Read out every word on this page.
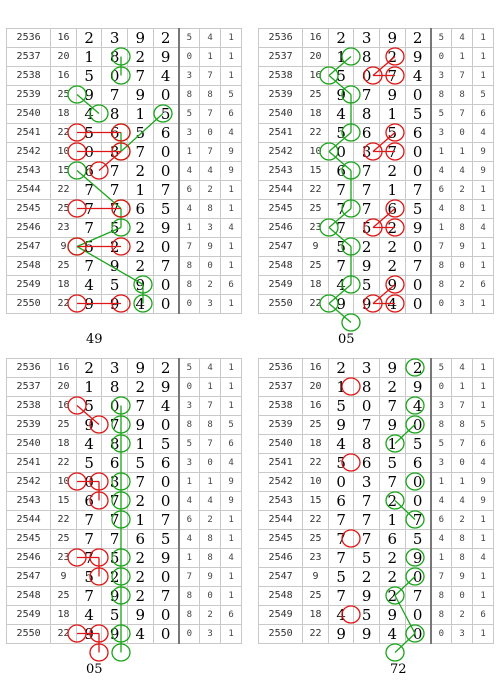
2536	16	2	3	9	2	5	4	1
2537	20	1	8	2	9	0	1	1
2538	16	5	0	7	4	3	7	1
2539	25	9	7	9	0	8	8	5
2540	18	4	8	1	5	5	7	6
2541	22	5	6	5	6	3	0	4
2542	10	0	3	7	0	1	7	9
2543	15	6	7	2	0	4	4	9
2544	22	7	7	1	7	6	2	1
2545	25	7	7	6	5	4	8	1
2546	23	7	5	2	9	1	3	4
2547	9	5	2	2	0	7	9	1
2548	25	7	9	2	7	8	0	1
2549	18	4	5	9	0	8	2	6
2550	22	9	9	4	0	0	3	1

49

2536	16	2	3	9	2	5	4	1
2537	20	1	8	2	9	0	1	1
2538	16	5	0	7	4	3	7	1
2539	25	9	7	9	0	8	8	5
2540	18	4	8	1	5	5	7	6
2541	22	5	6	5	6	3	0	4
2542	10	0	3	7	0	1	1	9
2543	15	6	7	2	0	4	4	9
2544	22	7	7	1	7	6	2	1
2545	25	7	7	6	5	4	8	1
2546	23	7	5	2	9	1	8	4
2547	9	5	2	2	0	7	9	1
2548	25	7	9	2	7	8	0	1
2549	18	4	5	9	0	8	2	6
2550	22	9	9	4	0	0	3	1

05

2536	16	2	3	9	2	5	4	1
2537	20	1	8	2	9	0	1	1
2538	16	5	0	7	4	3	7	1
2539	25	9	7	9	0	8	8	5
2540	18	4	8	1	5	5	7	6
2541	22	5	6	5	6	3	0	4
2542	10	0	3	7	0	1	1	9
2543	15	6	7	2	0	4	4	9
2544	22	7	7	1	7	6	2	1
2545	25	7	7	6	5	4	8	1
2546	23	7	5	2	9	1	8	4
2547	9	5	2	2	0	7	9	1
2548	25	7	9	2	7	8	0	1
2549	18	4	5	9	0	8	2	6
2550	22	9	9	4	0	0	3	1

05

2536	16	2	3	9	2	5	4	1
2537	20	1	8	2	9	0	1	1
2538	16	5	0	7	4	3	7	1
2539	25	9	7	9	0	8	8	5
2540	18	4	8	1	5	5	7	6
2541	22	5	6	5	6	3	0	4
2542	10	0	3	7	0	1	1	9
2543	15	6	7	2	0	4	4	9
2544	22	7	7	1	7	6	2	1
2545	25	7	7	6	5	4	8	1
2546	23	7	5	2	9	1	8	4
2547	9	5	2	2	0	7	9	1
2548	25	7	9	2	7	8	0	1
2549	18	4	5	9	0	8	2	6
2550	22	9	9	4	0	0	3	1

72
